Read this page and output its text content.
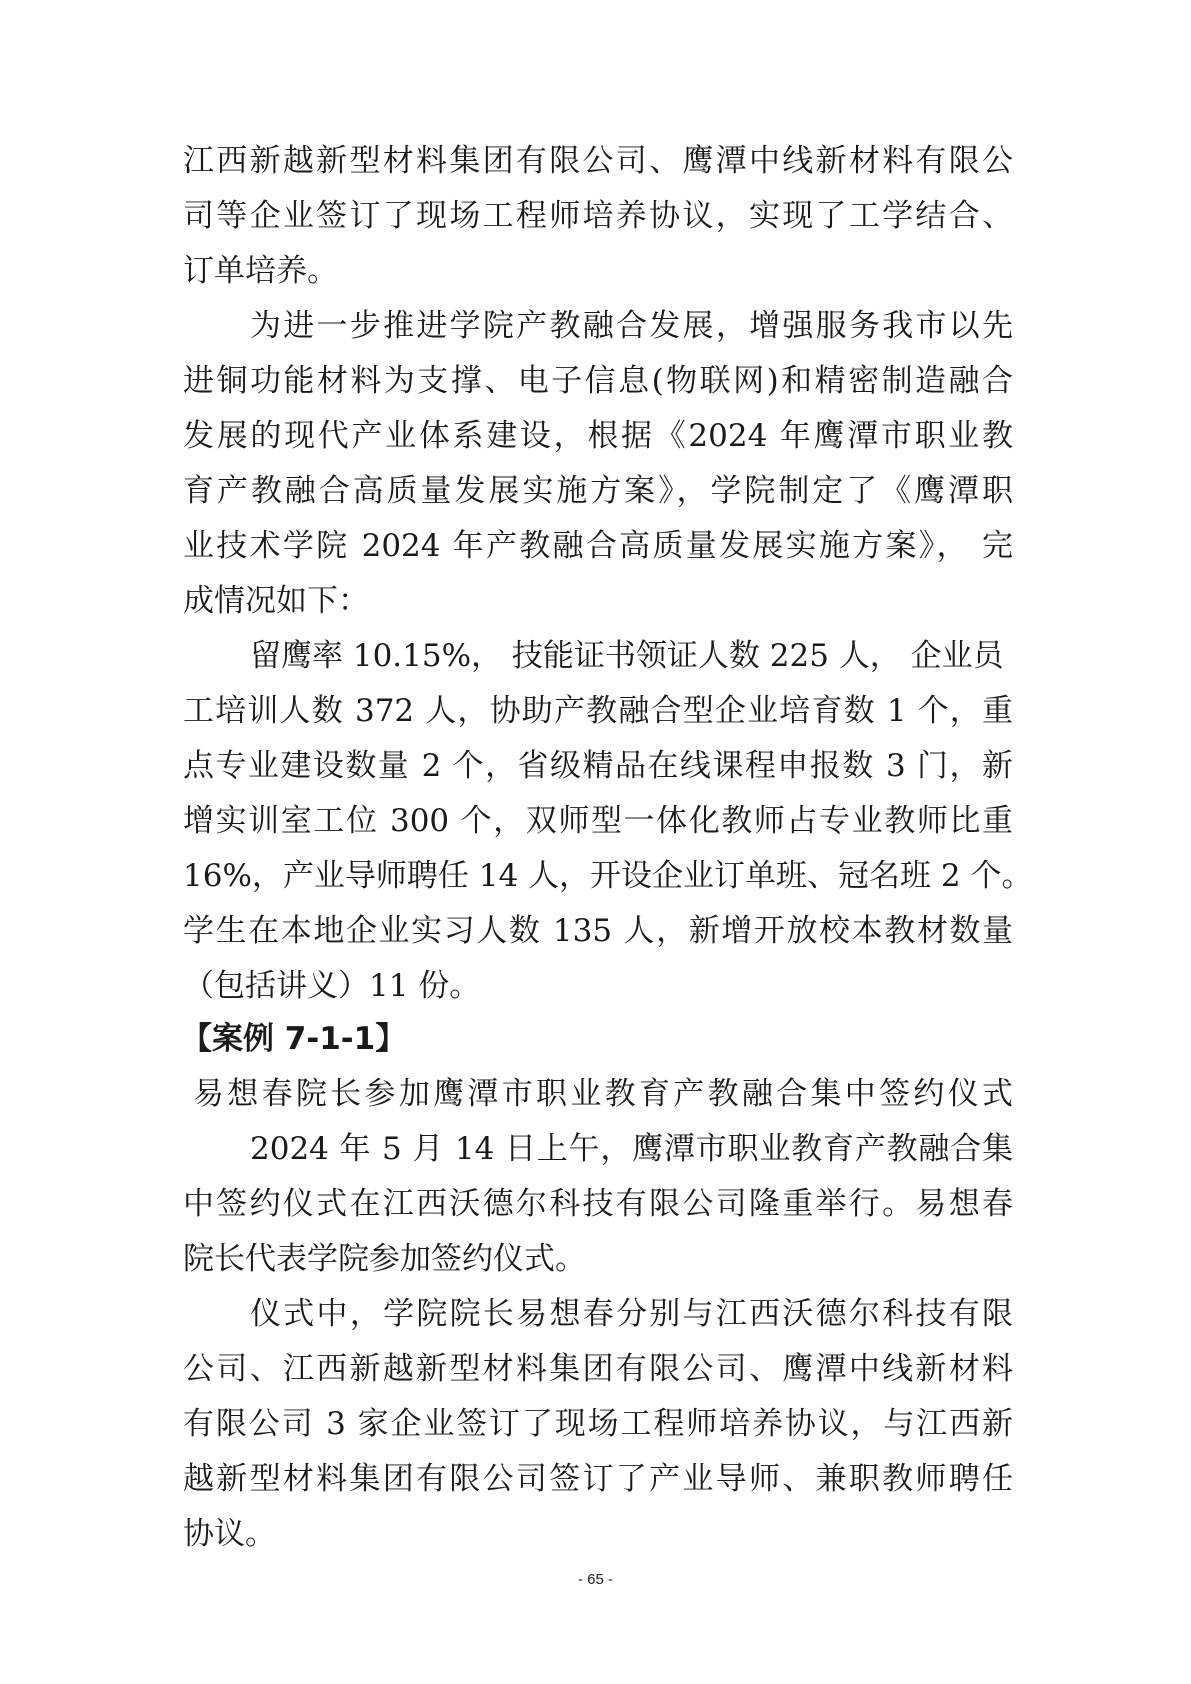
江西新越新型材料集团有限公司、鹰潭中线新材料有限公
司等企业签订了现场工程师培养协议，实现了工学结合、
订单培养。
为进一步推进学院产教融合发展，增强服务我市以先
进铜功能材料为支撑、电子信息(物联网)和精密制造融合
发展的现代产业体系建设，根据《2024 年鹰潭市职业教
育产教融合高质量发展实施方案》，学院制定了《鹰潭职
业技术学院 2024 年产教融合高质量发展实施方案》， 完
成情况如下：
留鹰率 10.15%， 技能证书领证人数 225 人， 企业员
工培训人数 372 人，协助产教融合型企业培育数 1 个，重
点专业建设数量 2 个，省级精品在线课程申报数 3 门，新
增实训室工位 300 个，双师型一体化教师占专业教师比重
16%，产业导师聘任 14 人，开设企业订单班、冠名班 2 个。
学生在本地企业实习人数 135 人，新增开放校本教材数量
（包括讲义）11 份。
【案例 7-1-1】
易想春院长参加鹰潭市职业教育产教融合集中签约仪式
2024 年 5 月 14 日上午，鹰潭市职业教育产教融合集
中签约仪式在江西沃德尔科技有限公司隆重举行。易想春
院长代表学院参加签约仪式。
仪式中，学院院长易想春分别与江西沃德尔科技有限
公司、江西新越新型材料集团有限公司、鹰潭中线新材料
有限公司 3 家企业签订了现场工程师培养协议，与江西新
越新型材料集团有限公司签订了产业导师、兼职教师聘任
协议。
- 65 -
